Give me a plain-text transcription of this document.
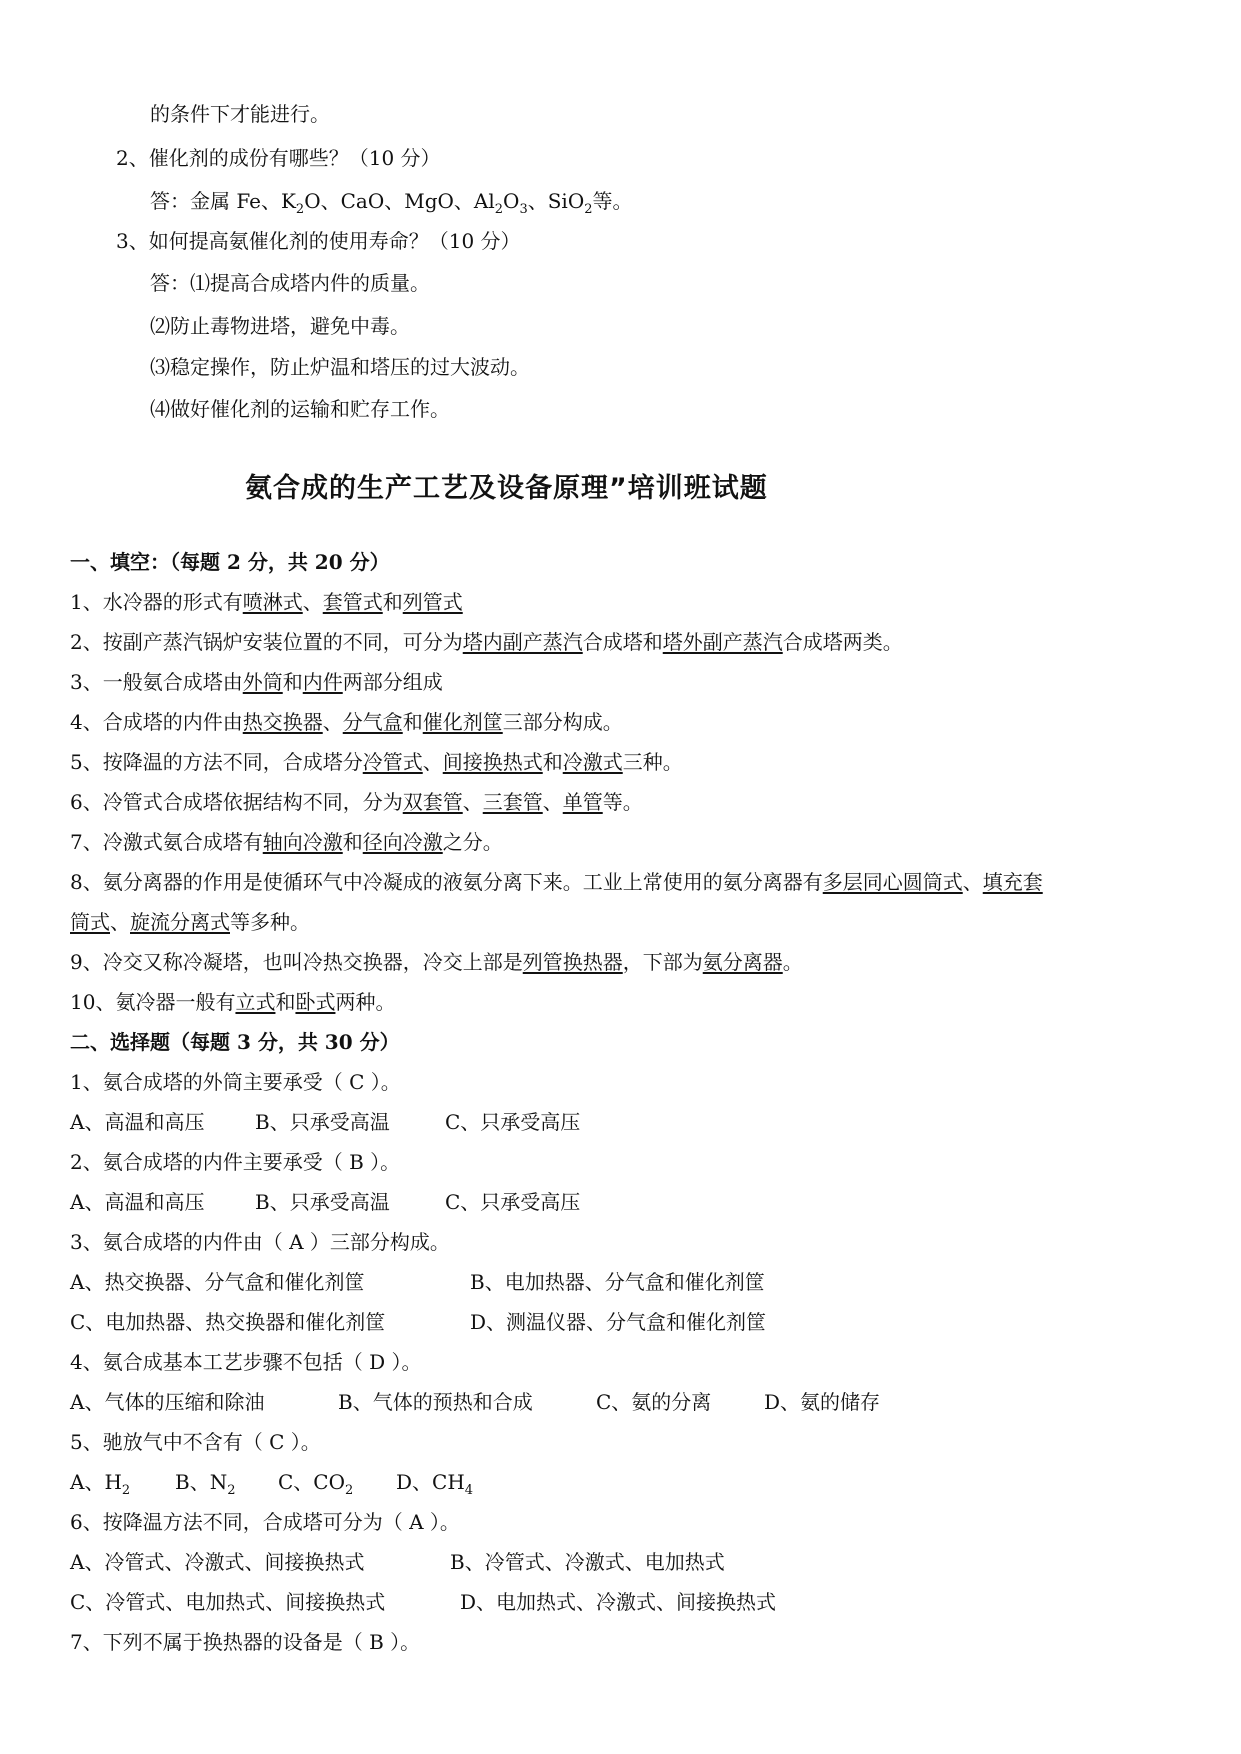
的条件下才能进行。
2、催化剂的成份有哪些？（10 分）
答：金属 Fe、$K_2O$、CaO、MgO、$Al_2O_3$、SiO$_2$等。
3、如何提高氨催化剂的使用寿命？（10 分）
答：⑴提高合成塔内件的质量。
⑵防止毒物进塔，避免中毒。
⑶稳定操作，防止炉温和塔压的过大波动。
⑷做好催化剂的运输和贮存工作。
氨合成的生产工艺及设备原理”培训班试题
一、填空：（每题 2 分，共 20 分）
1、水冷器的形式有喷淋式、套管式和列管式
2、按副产蒸汽锅炉安装位置的不同，可分为塔内副产蒸汽合成塔和塔外副产蒸汽合成塔两类。
3、一般氨合成塔由外筒和内件两部分组成
4、合成塔的内件由热交换器、分气盒和催化剂筐三部分构成。
5、按降温的方法不同，合成塔分冷管式、间接换热式和冷激式三种。
6、冷管式合成塔依据结构不同，分为双套管、三套管、单管等。
7、冷激式氨合成塔有轴向冷激和径向冷激之分。
8、氨分离器的作用是使循环气中冷凝成的液氨分离下来。工业上常使用的氨分离器有多层同心圆筒式、填充套
筒式、旋流分离式等多种。
9、冷交又称冷凝塔，也叫冷热交换器，冷交上部是列管换热器，下部为氨分离器。
10、氨冷器一般有立式和卧式两种。
二、选择题（每题 3 分，共 30 分）
1、氨合成塔的外筒主要承受（ C ）。
A、高温和高压	B、只承受高温	C、只承受高压
2、氨合成塔的内件主要承受（ B ）。
A、高温和高压	B、只承受高温	C、只承受高压
3、氨合成塔的内件由（ A ）三部分构成。
A、热交换器、分气盒和催化剂筐	B、电加热器、分气盒和催化剂筐
C、电加热器、热交换器和催化剂筐	D、测温仪器、分气盒和催化剂筐
4、氨合成基本工艺步骤不包括（ D ）。
A、气体的压缩和除油	B、气体的预热和合成	C、氨的分离	D、氨的储存
5、驰放气中不含有（ C ）。
A、$H_2$ B、$N_2$ C、$CO_2$ D、$CH_4$
6、按降温方法不同，合成塔可分为（ A ）。
A、冷管式、冷激式、间接换热式	B、冷管式、冷激式、电加热式
C、冷管式、电加热式、间接换热式	D、电加热式、冷激式、间接换热式
7、下列不属于换热器的设备是（ B ）。
